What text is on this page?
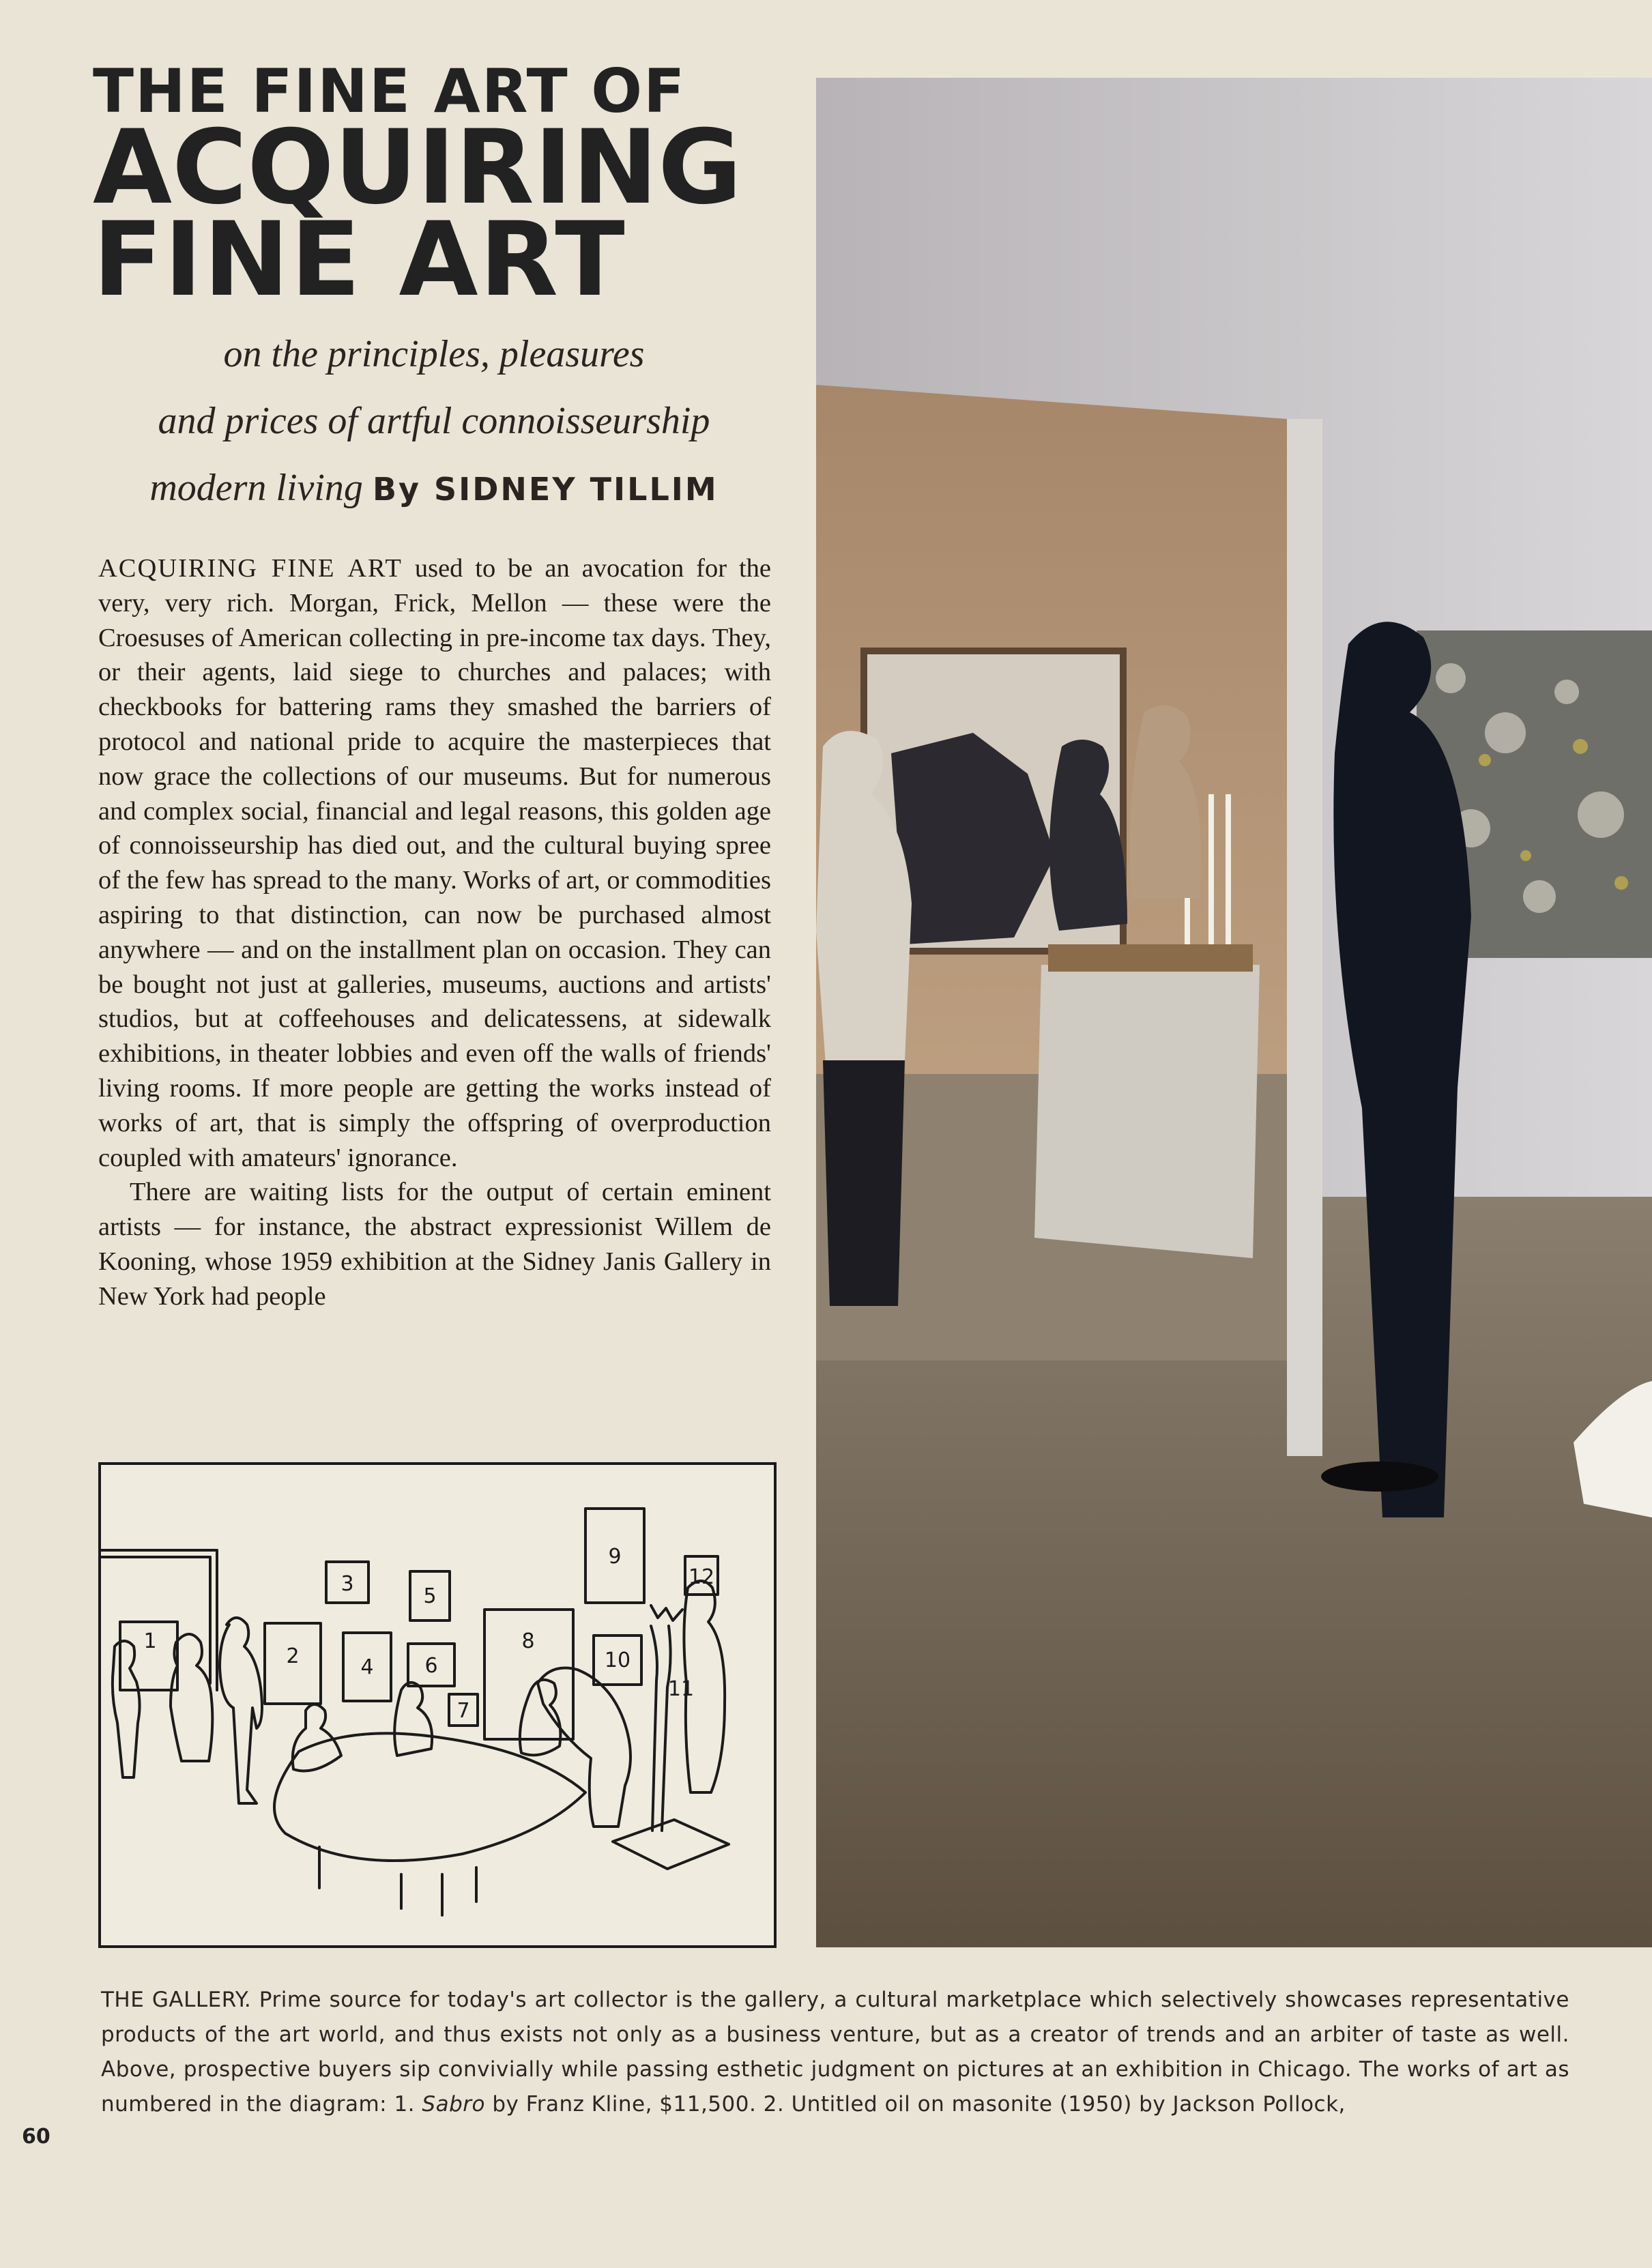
THE FINE ART OF
ACQUIRING
FINE ART
on the principles, pleasures
and prices of artful connoisseurship
modern living By SIDNEY TILLIM

ACQUIRING FINE ART used to be an avocation for the very, very rich. Morgan, Frick, Mellon — these were the Croesuses of American collecting in pre-income tax days. They, or their agents, laid siege to churches and palaces; with checkbooks for battering rams they smashed the barriers of protocol and national pride to acquire the masterpieces that now grace the collections of our museums. But for numerous and complex social, financial and legal reasons, this golden age of connoisseurship has died out, and the cultural buying spree of the few has spread to the many. Works of art, or commodities aspiring to that distinction, can now be purchased almost anywhere — and on the installment plan on occasion. They can be bought not just at galleries, museums, auctions and artists' studios, but at coffeehouses and delicatessens, at sidewalk exhibitions, in theater lobbies and even off the walls of friends' living rooms. If more people are getting the works instead of works of art, that is simply the offspring of overproduction coupled with amateurs' ignorance.

There are waiting lists for the output of certain eminent artists — for instance, the abstract expressionist Willem de Kooning, whose 1959 exhibition at the Sidney Janis Gallery in New York had people

1
2
3
4
5
6
7
8
9
10
11
12
THE GALLERY. Prime source for today's art collector is the gallery, a cultural marketplace which selectively showcases representative products of the art world, and thus exists not only as a business venture, but as a creator of trends and an arbiter of taste as well. Above, prospective buyers sip convivially while passing esthetic judgment on pictures at an exhibition in Chicago. The works of art as numbered in the diagram: 1. Sabro by Franz Kline, $11,500. 2. Untitled oil on masonite (1950) by Jackson Pollock,
60
